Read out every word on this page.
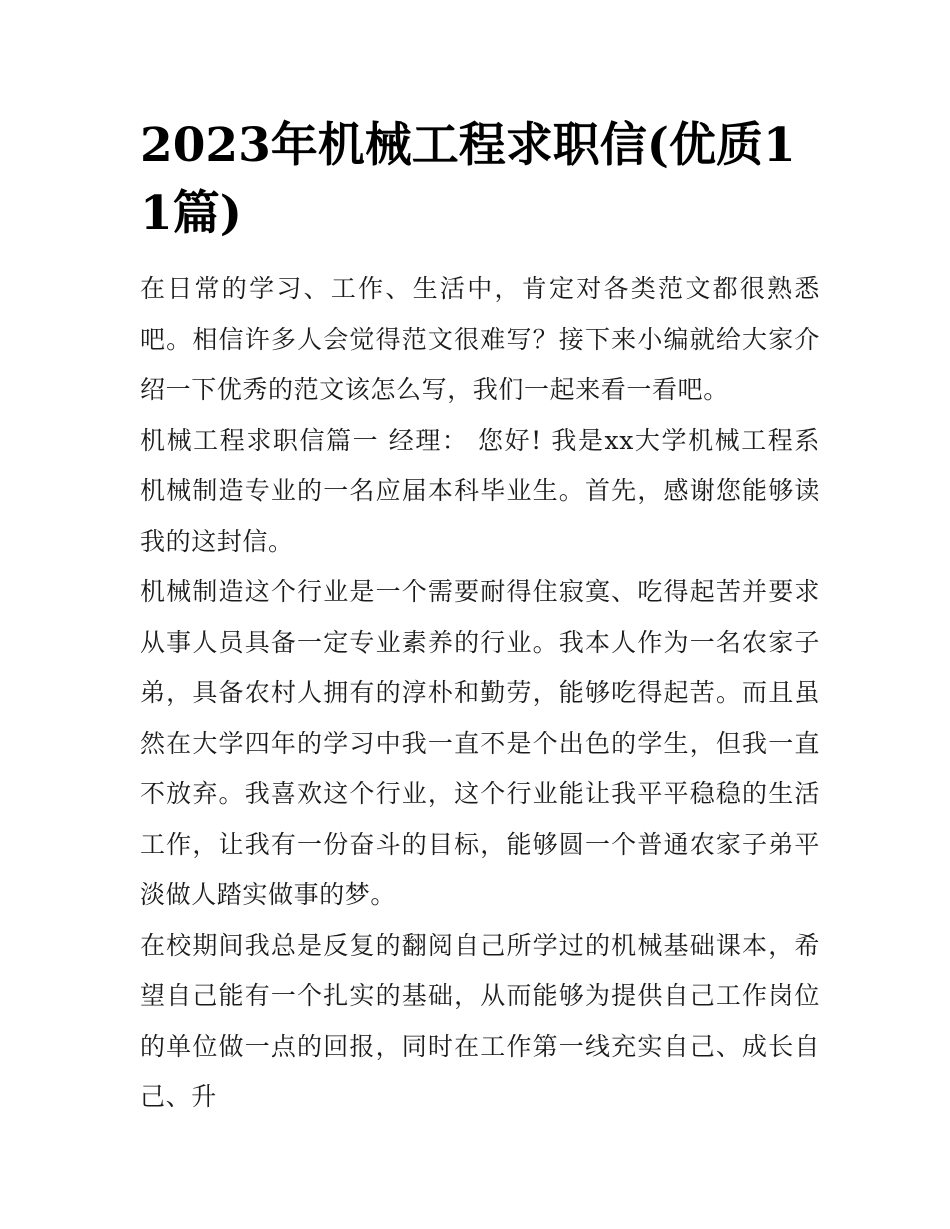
2023年机械工程求职信(优质11篇)

在日常的学习、工作、生活中，肯定对各类范文都很熟悉吧。相信许多人会觉得范文很难写？接下来小编就给大家介绍一下优秀的范文该怎么写，我们一起来看一看吧。

机械工程求职信篇一 经理： 您好! 我是xx大学机械工程系机械制造专业的一名应届本科毕业生。首先，感谢您能够读我的这封信。

机械制造这个行业是一个需要耐得住寂寞、吃得起苦并要求从事人员具备一定专业素养的行业。我本人作为一名农家子弟，具备农村人拥有的淳朴和勤劳，能够吃得起苦。而且虽然在大学四年的学习中我一直不是个出色的学生，但我一直不放弃。我喜欢这个行业，这个行业能让我平平稳稳的生活工作，让我有一份奋斗的目标，能够圆一个普通农家子弟平淡做人踏实做事的梦。

在校期间我总是反复的翻阅自己所学过的机械基础课本，希望自己能有一个扎实的基础，从而能够为提供自己工作岗位的单位做一点的回报，同时在工作第一线充实自己、成长自己、升
